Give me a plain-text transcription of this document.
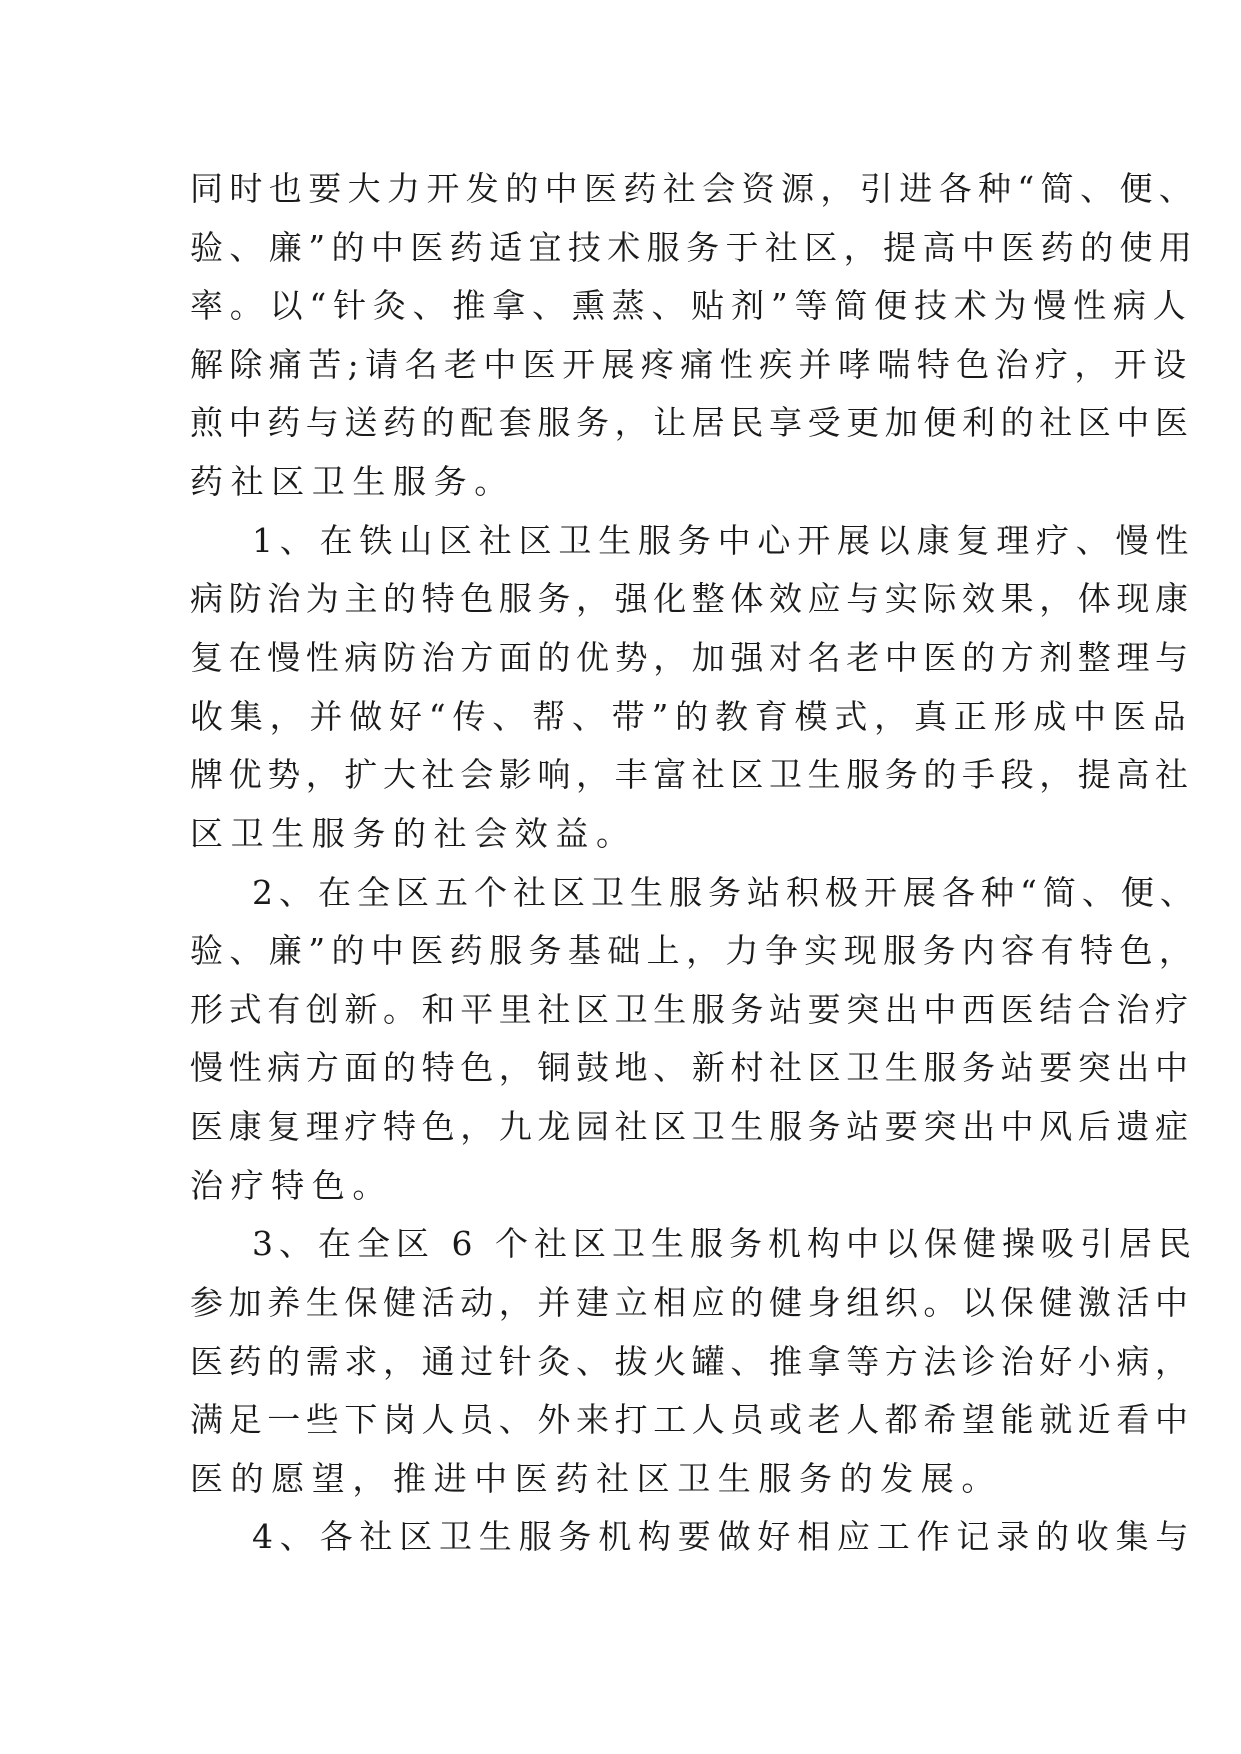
同时也要大力开发的中医药社会资源，引进各种“简、便、
验、廉”的中医药适宜技术服务于社区，提高中医药的使用
率。以“针灸、推拿、熏蒸、贴剂”等简便技术为慢性病人
解除痛苦;请名老中医开展疼痛性疾并哮喘特色治疗，开设
煎中药与送药的配套服务，让居民享受更加便利的社区中医
药社区卫生服务。
1、在铁山区社区卫生服务中心开展以康复理疗、慢性
病防治为主的特色服务，强化整体效应与实际效果，体现康
复在慢性病防治方面的优势，加强对名老中医的方剂整理与
收集，并做好“传、帮、带”的教育模式，真正形成中医品
牌优势，扩大社会影响，丰富社区卫生服务的手段，提高社
区卫生服务的社会效益。
2、在全区五个社区卫生服务站积极开展各种“简、便、
验、廉”的中医药服务基础上，力争实现服务内容有特色，
形式有创新。和平里社区卫生服务站要突出中西医结合治疗
慢性病方面的特色，铜鼓地、新村社区卫生服务站要突出中
医康复理疗特色，九龙园社区卫生服务站要突出中风后遗症
治疗特色。
3、在全区 6 个社区卫生服务机构中以保健操吸引居民
参加养生保健活动，并建立相应的健身组织。以保健激活中
医药的需求，通过针灸、拔火罐、推拿等方法诊治好小病，
满足一些下岗人员、外来打工人员或老人都希望能就近看中
医的愿望，推进中医药社区卫生服务的发展。
4、各社区卫生服务机构要做好相应工作记录的收集与
